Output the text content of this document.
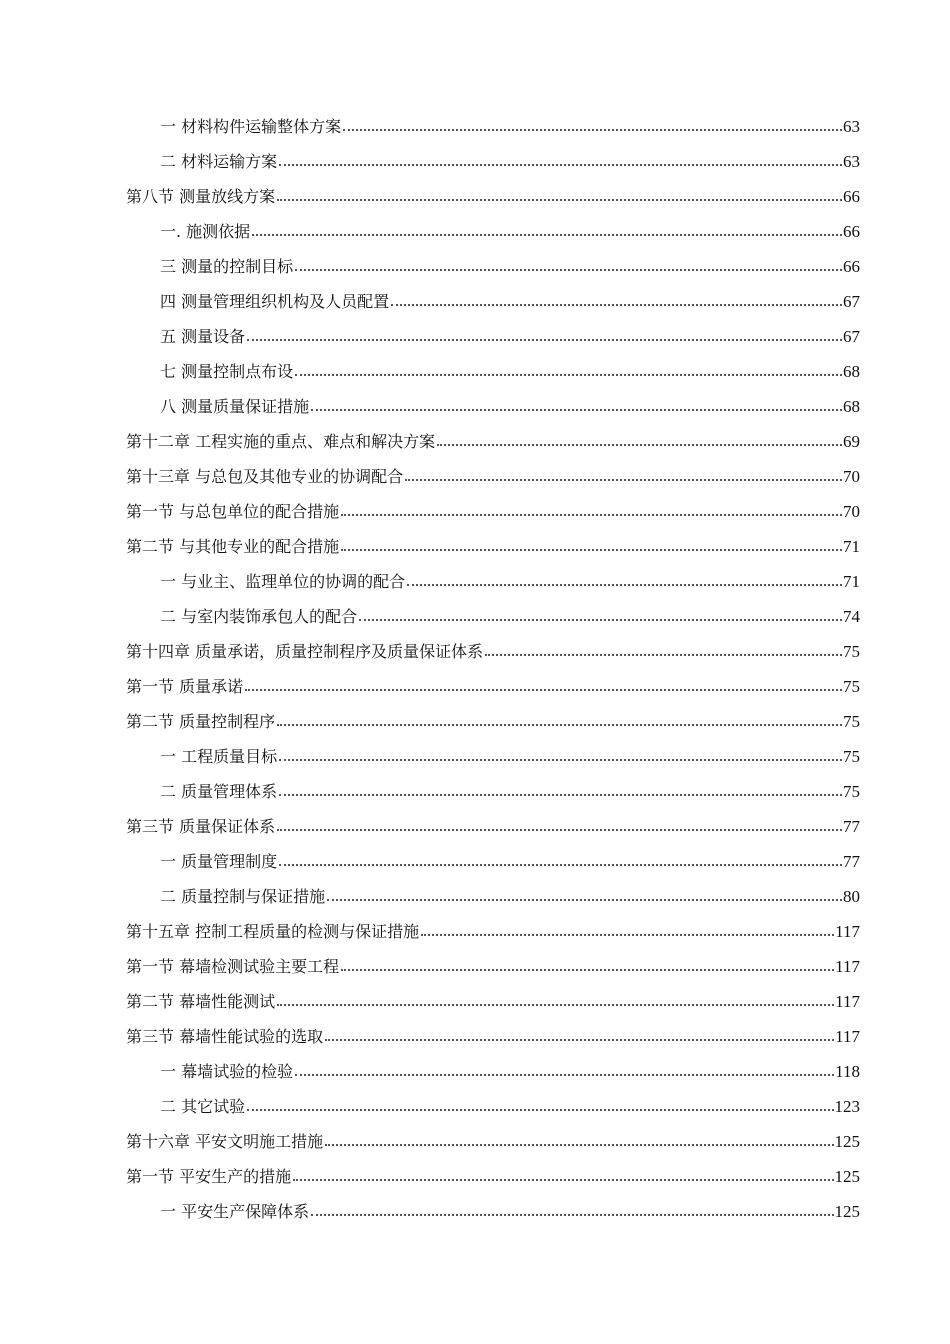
一 材料构件运输整体方案	63
二 材料运输方案	63
第八节 测量放线方案	66
一. 施测依据	66
三 测量的控制目标	66
四 测量管理组织机构及人员配置	67
五 测量设备	67
七 测量控制点布设	68
八 测量质量保证措施	68
第十二章 工程实施的重点、难点和解决方案	69
第十三章 与总包及其他专业的协调配合	70
第一节 与总包单位的配合措施	70
第二节 与其他专业的配合措施	71
一 与业主、监理单位的协调的配合	71
二 与室内装饰承包人的配合	74
第十四章 质量承诺，质量控制程序及质量保证体系	75
第一节 质量承诺	75
第二节 质量控制程序	75
一 工程质量目标	75
二 质量管理体系	75
第三节 质量保证体系	77
一 质量管理制度	77
二 质量控制与保证措施	80
第十五章 控制工程质量的检测与保证措施	117
第一节 幕墙检测试验主要工程	117
第二节 幕墙性能测试	117
第三节 幕墙性能试验的选取	117
一 幕墙试验的检验	118
二 其它试验	123
第十六章 平安文明施工措施	125
第一节 平安生产的措施	125
一 平安生产保障体系	125
